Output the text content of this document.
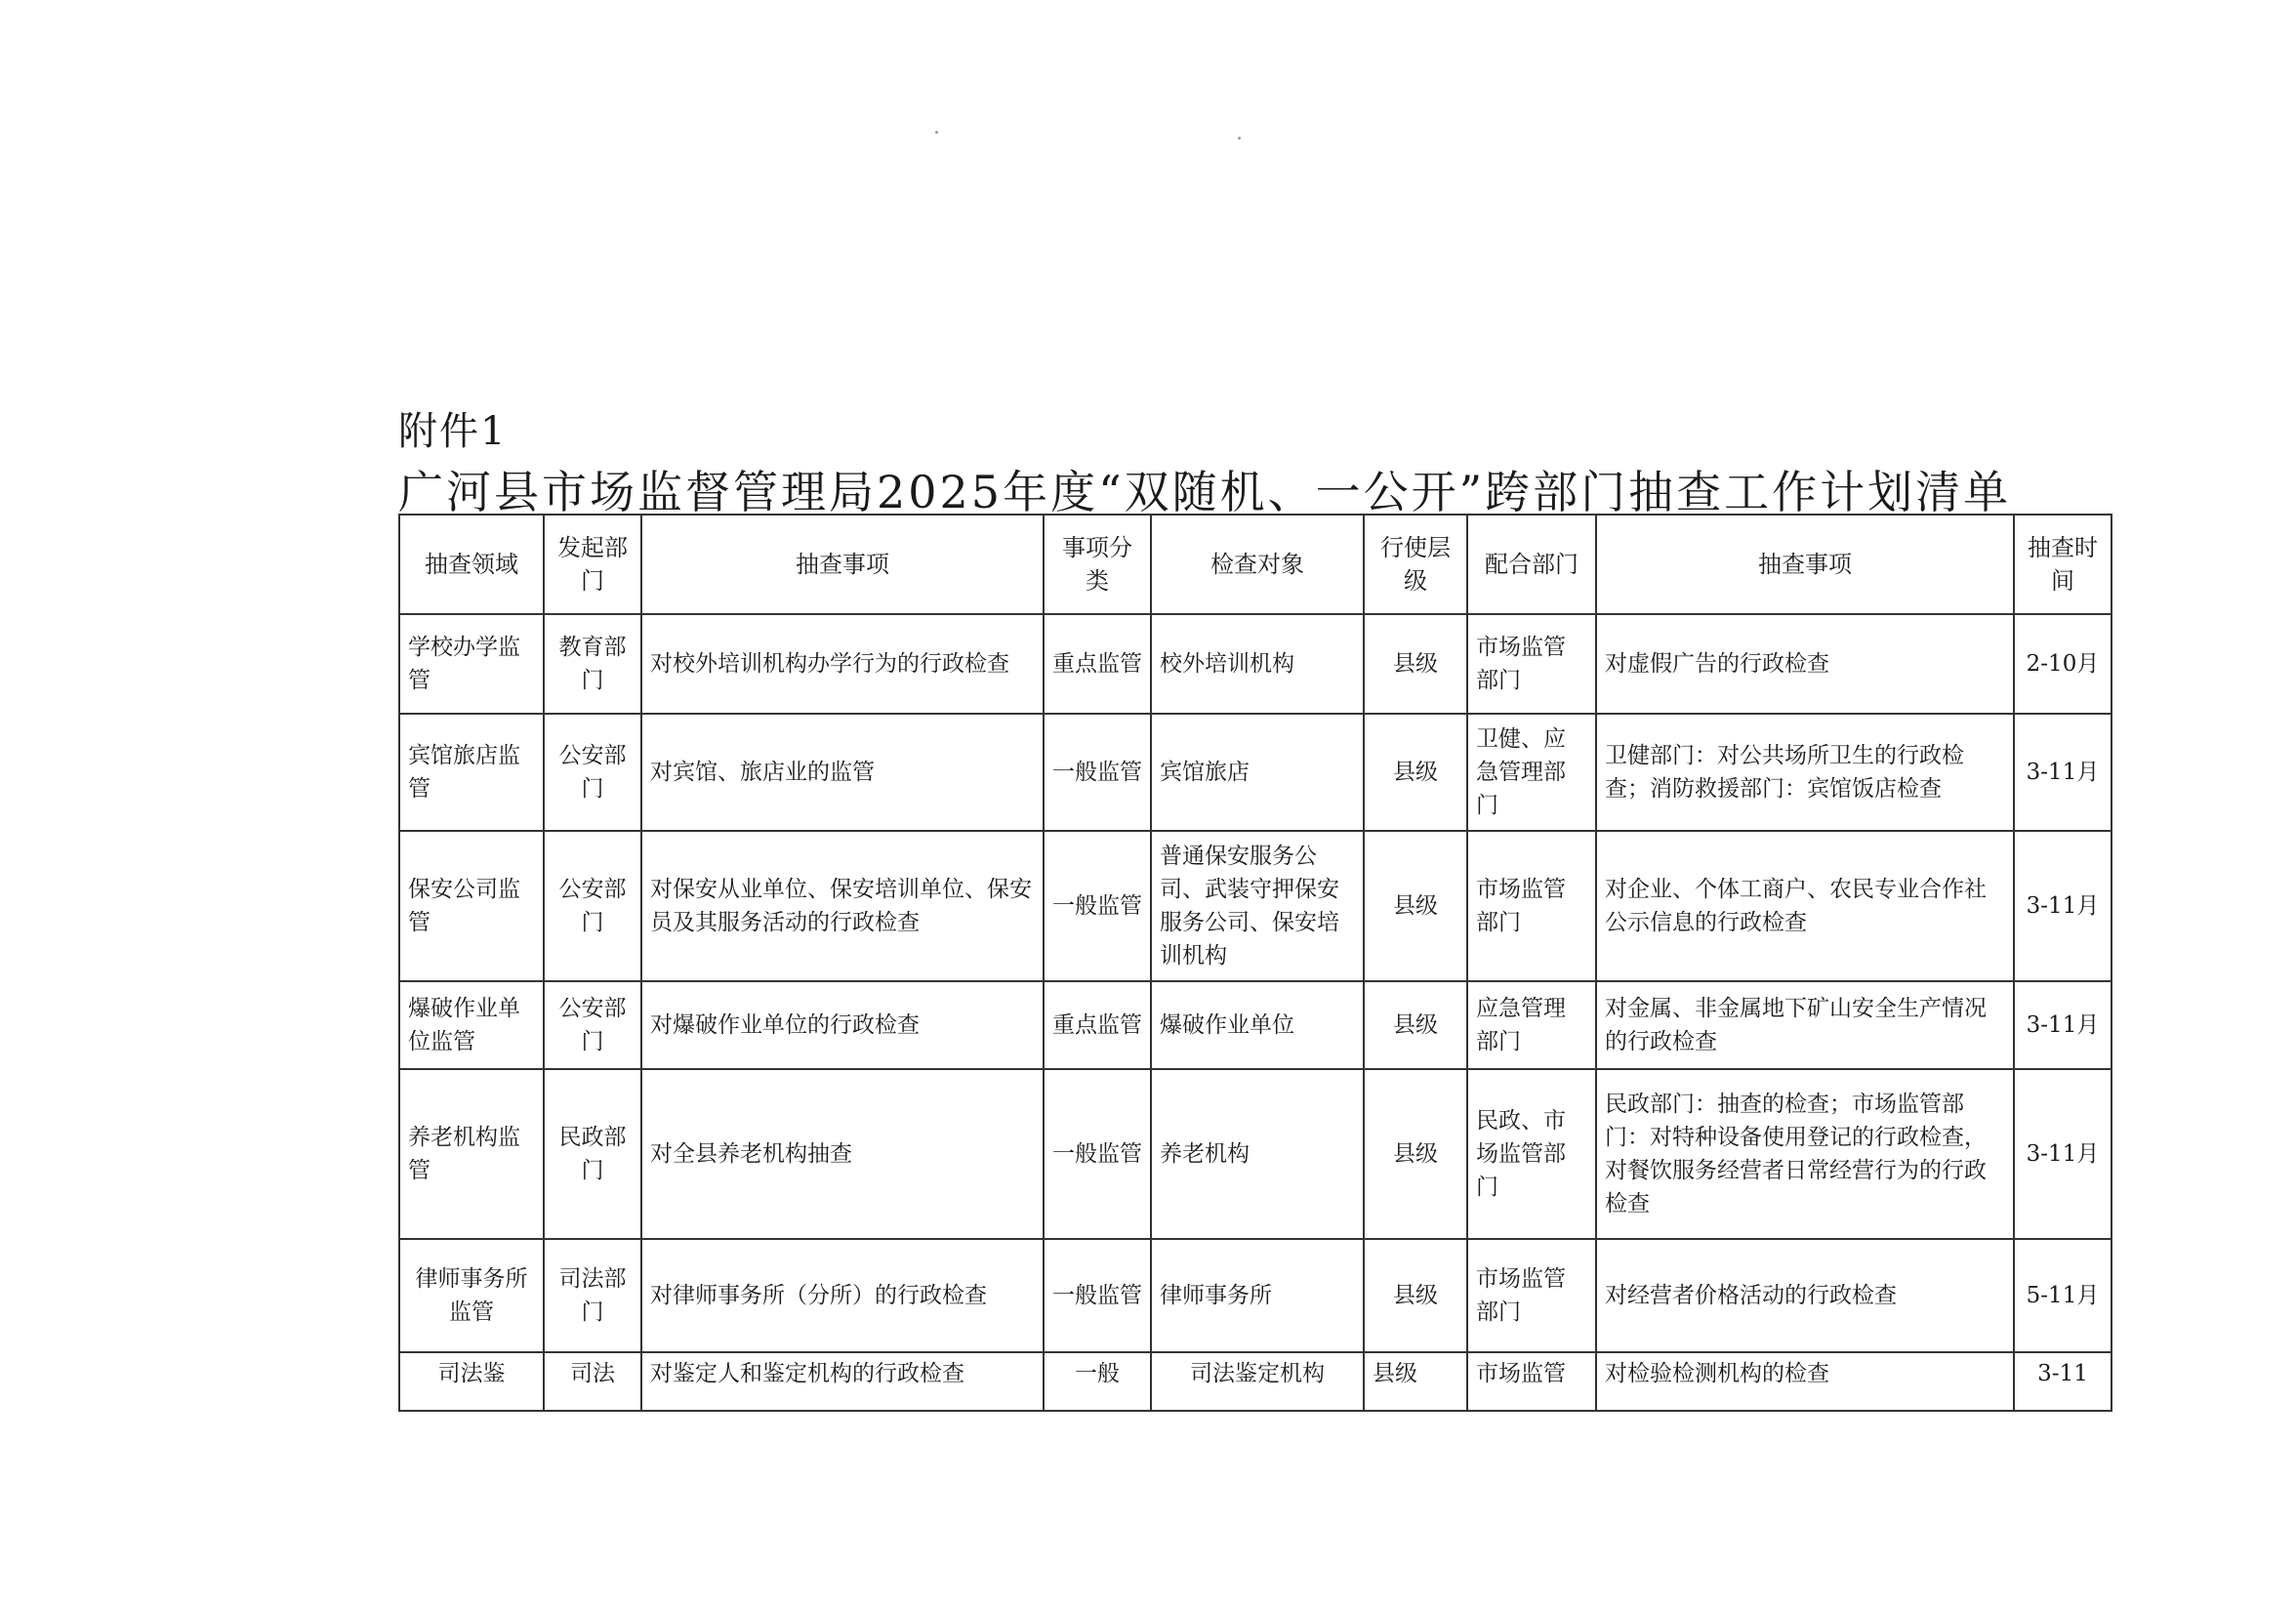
附件1
广河县市场监督管理局2025年度“双随机、一公开”跨部门抽查工作计划清单
抽查领域	发起部门	抽查事项	事项分类	检查对象	行使层级	配合部门	抽查事项	抽查时间
学校办学监管	教育部门	对校外培训机构办学行为的行政检查	重点监管	校外培训机构	县级	市场监管部门	对虚假广告的行政检查	2-10月
宾馆旅店监管	公安部门	对宾馆、旅店业的监管	一般监管	宾馆旅店	县级	卫健、应急管理部门	卫健部门：对公共场所卫生的行政检查；消防救援部门：宾馆饭店检查	3-11月
保安公司监管	公安部门	对保安从业单位、保安培训单位、保安员及其服务活动的行政检查	一般监管	普通保安服务公司、武装守押保安服务公司、保安培训机构	县级	市场监管部门	对企业、个体工商户、农民专业合作社公示信息的行政检查	3-11月
爆破作业单位监管	公安部门	对爆破作业单位的行政检查	重点监管	爆破作业单位	县级	应急管理部门	对金属、非金属地下矿山安全生产情况的行政检查	3-11月
养老机构监管	民政部门	对全县养老机构抽查	一般监管	养老机构	县级	民政、市场监管部门	民政部门：抽查的检查；市场监管部门：对特种设备使用登记的行政检查，对餐饮服务经营者日常经营行为的行政检查	3-11月
律师事务所监管	司法部门	对律师事务所（分所）的行政检查	一般监管	律师事务所	县级	市场监管部门	对经营者价格活动的行政检查	5-11月
司法鉴	司法	对鉴定人和鉴定机构的行政检查	一般	司法鉴定机构	县级	市场监管	对检验检测机构的检查	3-11
